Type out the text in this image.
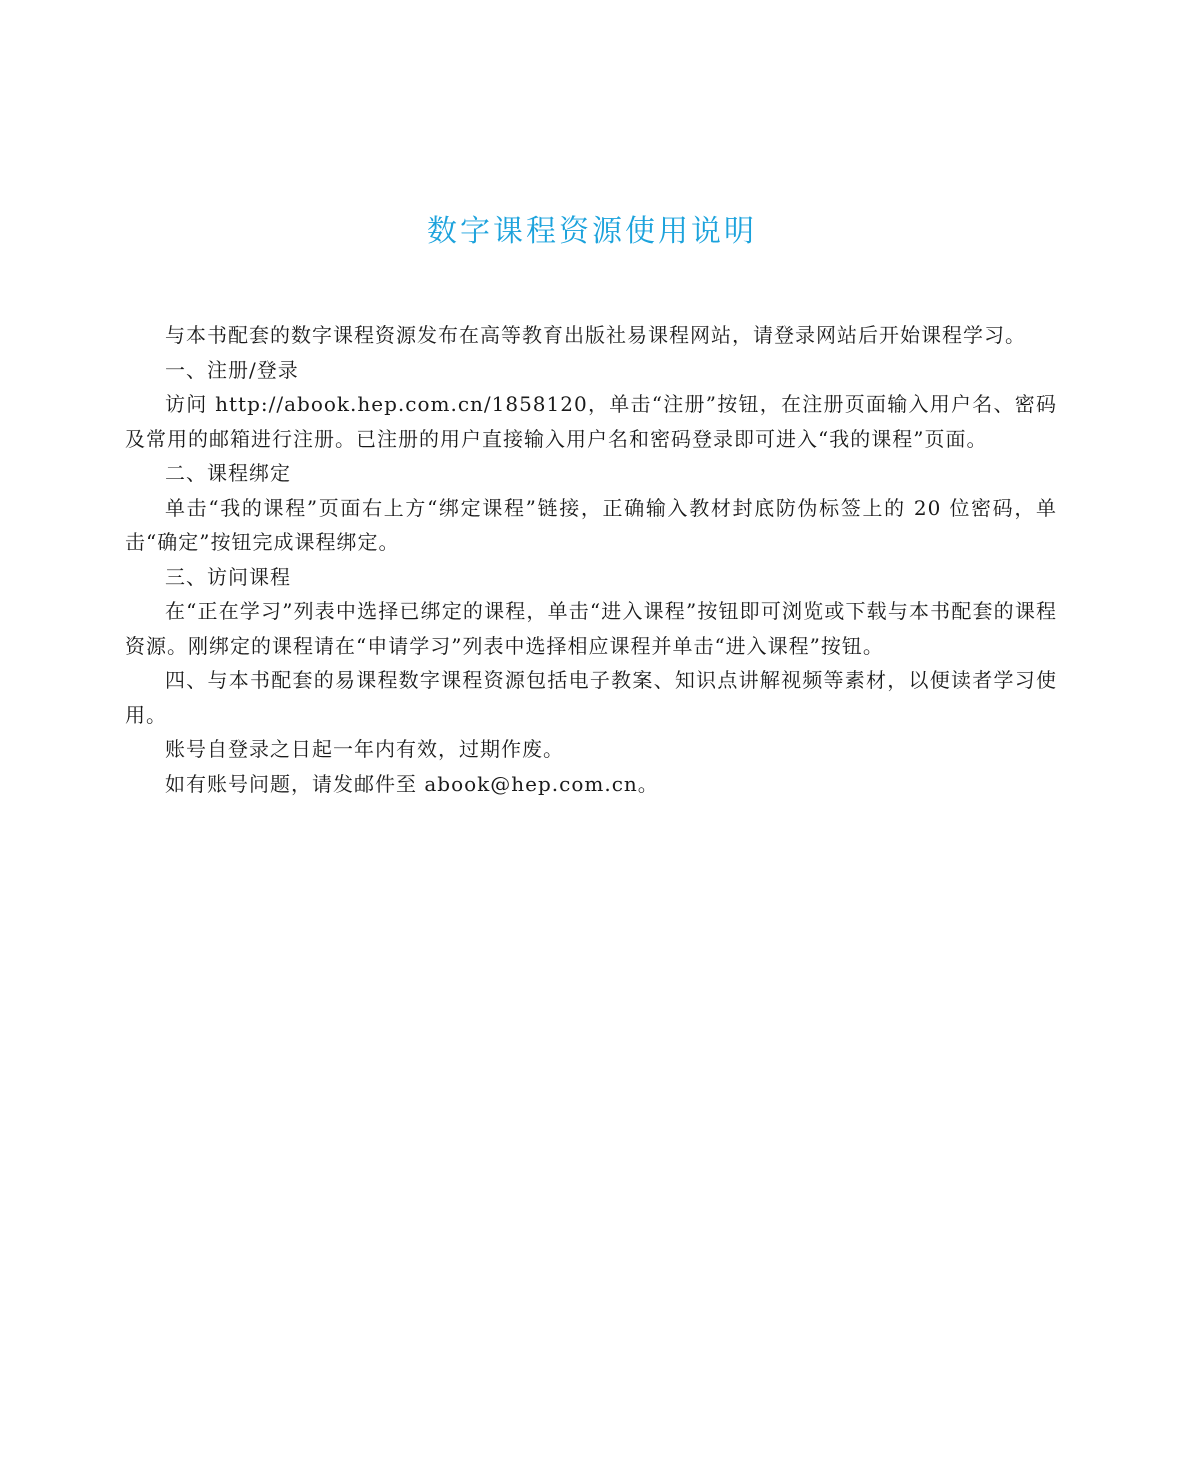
数字课程资源使用说明

与本书配套的数字课程资源发布在高等教育出版社易课程网站，请登录网站后开始课程学习。

一、注册/登录

访问 http://abook.hep.com.cn/1858120，单击“注册”按钮，在注册页面输入用户名、密码及常用的邮箱进行注册。已注册的用户直接输入用户名和密码登录即可进入“我的课程”页面。

二、课程绑定

单击“我的课程”页面右上方“绑定课程”链接，正确输入教材封底防伪标签上的 20 位密码，单击“确定”按钮完成课程绑定。

三、访问课程

在“正在学习”列表中选择已绑定的课程，单击“进入课程”按钮即可浏览或下载与本书配套的课程资源。刚绑定的课程请在“申请学习”列表中选择相应课程并单击“进入课程”按钮。

四、与本书配套的易课程数字课程资源包括电子教案、知识点讲解视频等素材，以便读者学习使用。

账号自登录之日起一年内有效，过期作废。

如有账号问题，请发邮件至 abook@hep.com.cn。
